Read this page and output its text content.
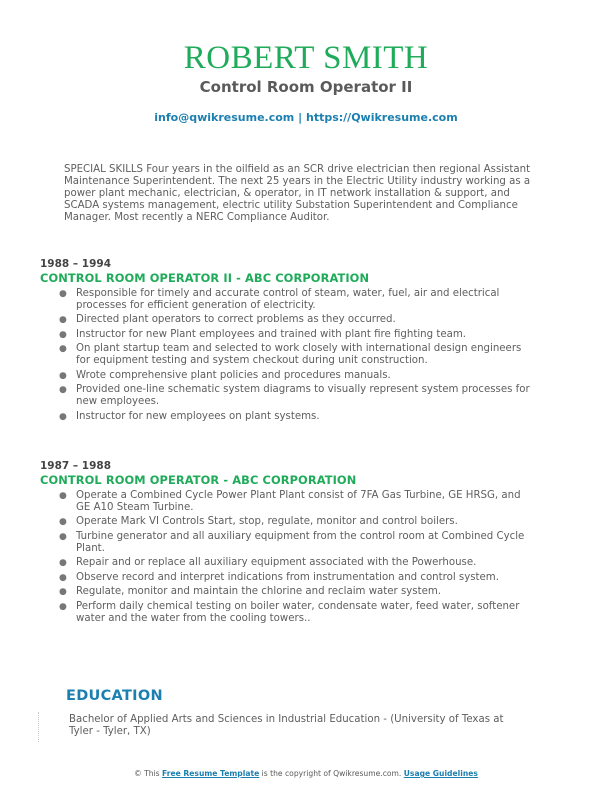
ROBERT SMITH
Control Room Operator II
info@qwikresume.com | https://Qwikresume.com

SPECIAL SKILLS Four years in the oilfield as an SCR drive electrician then regional Assistant Maintenance Superintendent. The next 25 years in the Electric Utility industry working as a power plant mechanic, electrician, & operator, in IT network installation & support, and SCADA systems management, electric utility Substation Superintendent and Compliance Manager. Most recently a NERC Compliance Auditor.

1988 – 1994
CONTROL ROOM OPERATOR II - ABC CORPORATION
● Responsible for timely and accurate control of steam, water, fuel, air and electrical processes for efficient generation of electricity.
● Directed plant operators to correct problems as they occurred.
● Instructor for new Plant employees and trained with plant fire fighting team.
● On plant startup team and selected to work closely with international design engineers for equipment testing and system checkout during unit construction.
● Wrote comprehensive plant policies and procedures manuals.
● Provided one-line schematic system diagrams to visually represent system processes for new employees.
● Instructor for new employees on plant systems.
1987 – 1988
CONTROL ROOM OPERATOR - ABC CORPORATION
● Operate a Combined Cycle Power Plant Plant consist of 7FA Gas Turbine, GE HRSG, and GE A10 Steam Turbine.
● Operate Mark VI Controls Start, stop, regulate, monitor and control boilers.
● Turbine generator and all auxiliary equipment from the control room at Combined Cycle Plant.
● Repair and or replace all auxiliary equipment associated with the Powerhouse.
● Observe record and interpret indications from instrumentation and control system.
● Regulate, monitor and maintain the chlorine and reclaim water system.
● Perform daily chemical testing on boiler water, condensate water, feed water, softener water and the water from the cooling towers..
EDUCATION

Bachelor of Applied Arts and Sciences in Industrial Education - (University of Texas at Tyler - Tyler, TX)

© This Free Resume Template is the copyright of Qwikresume.com. Usage Guidelines
